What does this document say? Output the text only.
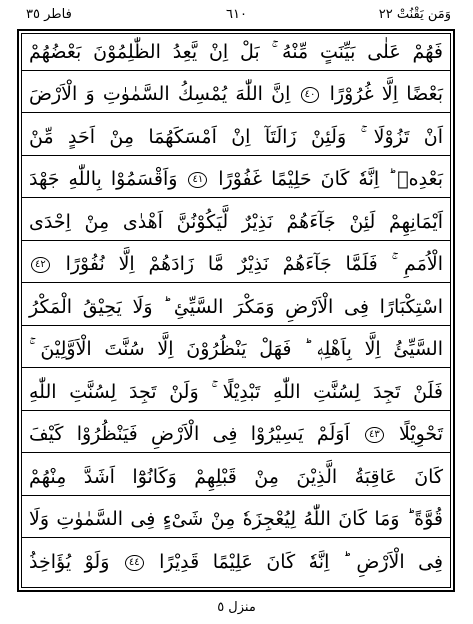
وَمَن يَقْنُتْ ٢٢
٦١٠
فاطر ٣٥
فَهُمْ عَلٰى بَيِّنَتٍ مِّنْهُ ۚ بَلْ اِنْ يَّعِدُ الظّٰلِمُوْنَ بَعْضُهُمْ
بَعْضًا اِلَّا غُرُوْرًا ٤٠ اِنَّ اللّٰهَ يُمْسِكُ السَّمٰوٰتِ وَ الْاَرْضَ
اَنْ تَزُوْلَا ۚ وَلَئِنْ زَالَتَآ اِنْ اَمْسَكَهُمَا مِنْ اَحَدٍ مِّنْ
بَعْدِهٖ ؕ اِنَّهٗ كَانَ حَلِيْمًا غَفُوْرًا ٤١ وَاَقْسَمُوْا بِاللّٰهِ جَهْدَ
اَيْمَانِهِمْ لَئِنْ جَآءَهُمْ نَذِيْرٌ لَّيَكُوْنُنَّ اَهْدٰى مِنْ اِحْدَى
الْاُمَمِ ۚ فَلَمَّا جَآءَهُمْ نَذِيْرٌ مَّا زَادَهُمْ اِلَّا نُفُوْرًا ٤٢
اسْتِكْبَارًا فِى الْاَرْضِ وَمَكْرَ السَّيِّئِ ؕ وَلَا يَحِيْقُ الْمَكْرُ
السَّيِّئُ اِلَّا بِاَهْلِهٖ ؕ فَهَلْ يَنْظُرُوْنَ اِلَّا سُنَّتَ الْاَوَّلِيْنَ ۚ
فَلَنْ تَجِدَ لِسُنَّتِ اللّٰهِ تَبْدِيْلًا ۚ وَلَنْ تَجِدَ لِسُنَّتِ اللّٰهِ
تَحْوِيْلًا ٤٣ اَوَلَمْ يَسِيْرُوْا فِى الْاَرْضِ فَيَنْظُرُوْا كَيْفَ
كَانَ عَاقِبَةُ الَّذِيْنَ مِنْ قَبْلِهِمْ وَكَانُوْٓا اَشَدَّ مِنْهُمْ
قُوَّةً ؕ وَمَا كَانَ اللّٰهُ لِيُعْجِزَهٗ مِنْ شَىْءٍ فِى السَّمٰوٰتِ وَلَا
فِى الْاَرْضِ ؕ اِنَّهٗ كَانَ عَلِيْمًا قَدِيْرًا ٤٤ وَلَوْ يُؤَاخِذُ
منزل ٥
